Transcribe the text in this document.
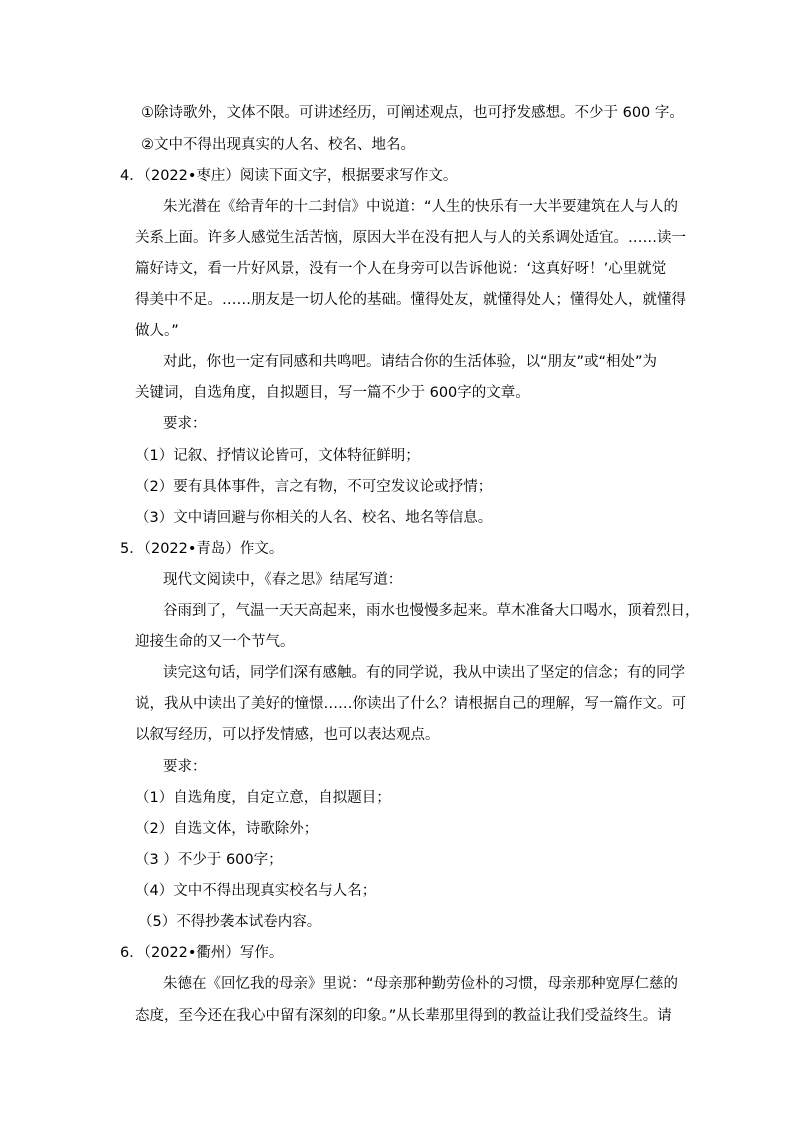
①除诗歌外，文体不限。可讲述经历，可阐述观点，也可抒发感想。不少于 600 字。
②文中不得出现真实的人名、校名、地名。
4．（2022•枣庄）阅读下面文字，根据要求写作文。
朱光潜在《给青年的十二封信》中说道：“人生的快乐有一大半要建筑在人与人的
关系上面。许多人感觉生活苦恼，原因大半在没有把人与人的关系调处适宜。……读一
篇好诗文，看一片好风景，没有一个人在身旁可以告诉他说：‘这真好呀！’心里就觉
得美中不足。……朋友是一切人伦的基础。懂得处友，就懂得处人；懂得处人，就懂得
做人。”
对此，你也一定有同感和共鸣吧。请结合你的生活体验，以“朋友”或“相处”为
关键词，自选角度，自拟题目，写一篇不少于 600字的文章。
要求：
（1）记叙、抒情议论皆可，文体特征鲜明；
（2）要有具体事件，言之有物，不可空发议论或抒情；
（3）文中请回避与你相关的人名、校名、地名等信息。
5．（2022•青岛）作文。
现代文阅读中，《春之思》结尾写道：
谷雨到了，气温一天天高起来，雨水也慢慢多起来。草木准备大口喝水，顶着烈日，
迎接生命的又一个节气。
读完这句话，同学们深有感触。有的同学说，我从中读出了坚定的信念；有的同学
说，我从中读出了美好的憧憬……你读出了什么？请根据自己的理解，写一篇作文。可
以叙写经历，可以抒发情感，也可以表达观点。
要求：
（1）自选角度，自定立意，自拟题目；
（2）自选文体，诗歌除外；
（3 ）不少于 600字；
（4）文中不得出现真实校名与人名；
（5）不得抄袭本试卷内容。
6．（2022•衢州）写作。
朱德在《回忆我的母亲》里说：“母亲那种勤劳俭朴的习惯，母亲那种宽厚仁慈的
态度，至今还在我心中留有深刻的印象。”从长辈那里得到的教益让我们受益终生。请
